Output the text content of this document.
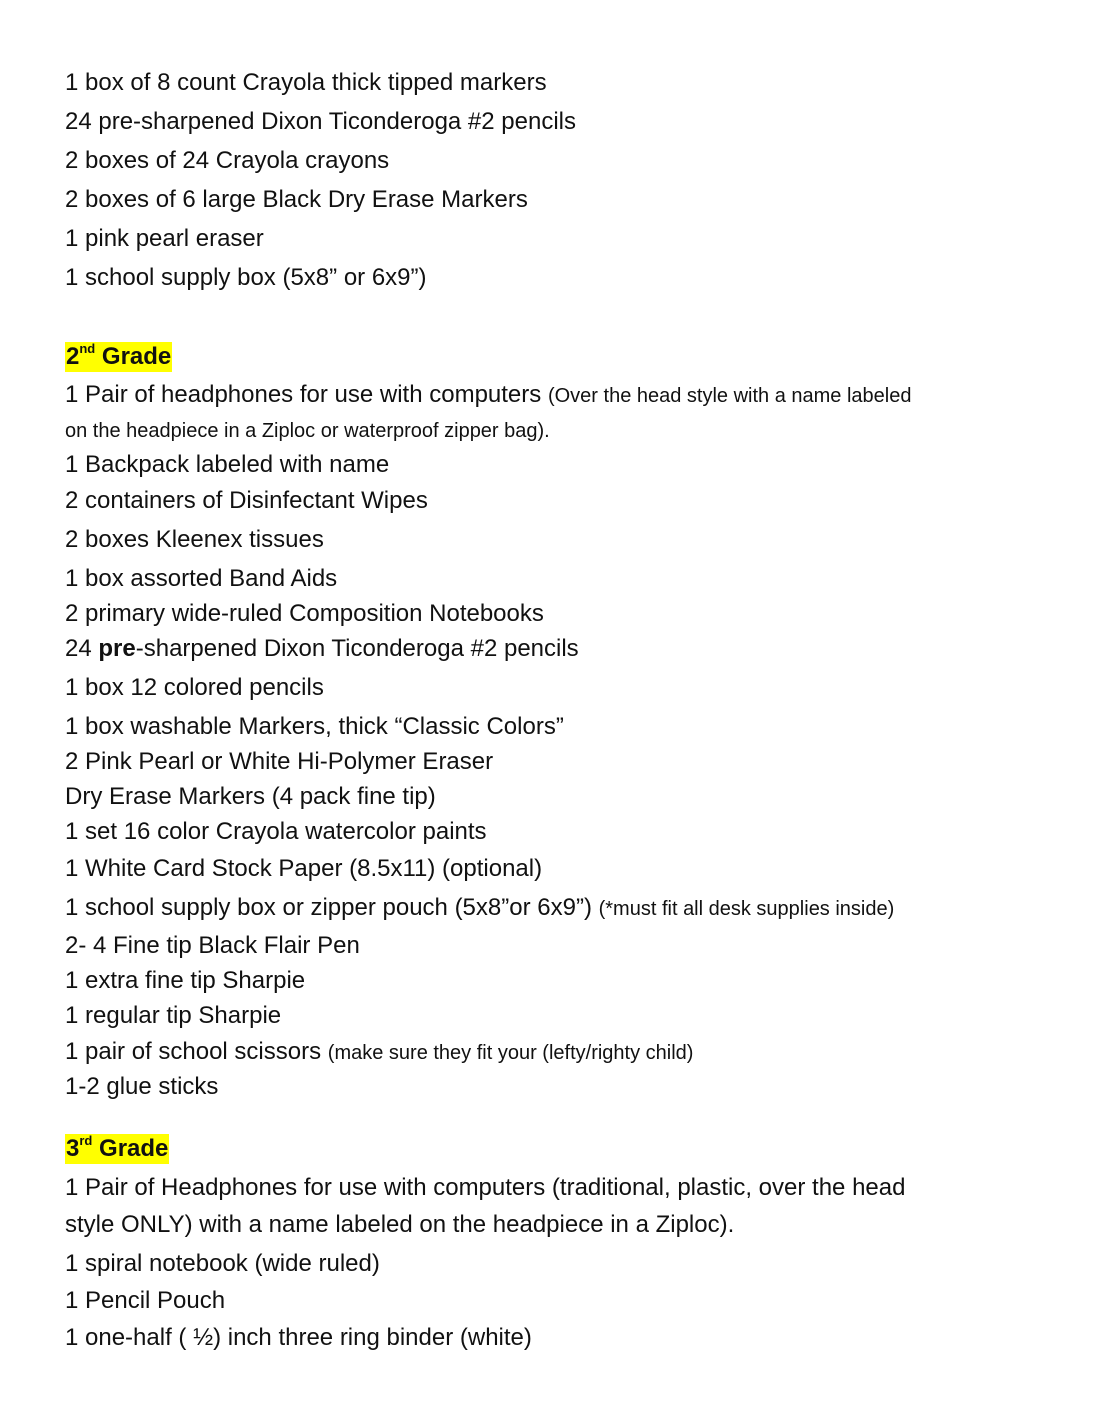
1 box of 8 count Crayola thick tipped markers
24 pre-sharpened Dixon Ticonderoga #2 pencils
2 boxes of 24 Crayola crayons
2 boxes of 6 large Black Dry Erase Markers
1 pink pearl eraser
1 school supply box (5x8” or 6x9”)
2nd Grade
1 Pair of headphones for use with computers (Over the head style with a name labeled
on the headpiece in a Ziploc or waterproof zipper bag).
1 Backpack labeled with name
2 containers of Disinfectant Wipes
2 boxes Kleenex tissues
1 box assorted Band Aids
2 primary wide-ruled Composition Notebooks
24 pre-sharpened Dixon Ticonderoga #2 pencils
1 box 12 colored pencils
1 box washable Markers, thick “Classic Colors”
2 Pink Pearl or White Hi-Polymer Eraser
Dry Erase Markers (4 pack fine tip)
1 set 16 color Crayola watercolor paints
1 White Card Stock Paper (8.5x11) (optional)
1 school supply box or zipper pouch (5x8”or 6x9”) (*must fit all desk supplies inside)
2- 4 Fine tip Black Flair Pen
1 extra fine tip Sharpie
1 regular tip Sharpie
1 pair of school scissors (make sure they fit your (lefty/righty child)
1-2 glue sticks
3rd Grade
1 Pair of Headphones for use with computers (traditional, plastic, over the head
style ONLY) with a name labeled on the headpiece in a Ziploc).
1 spiral notebook (wide ruled)
1 Pencil Pouch
1 one-half ( ½) inch three ring binder (white)
